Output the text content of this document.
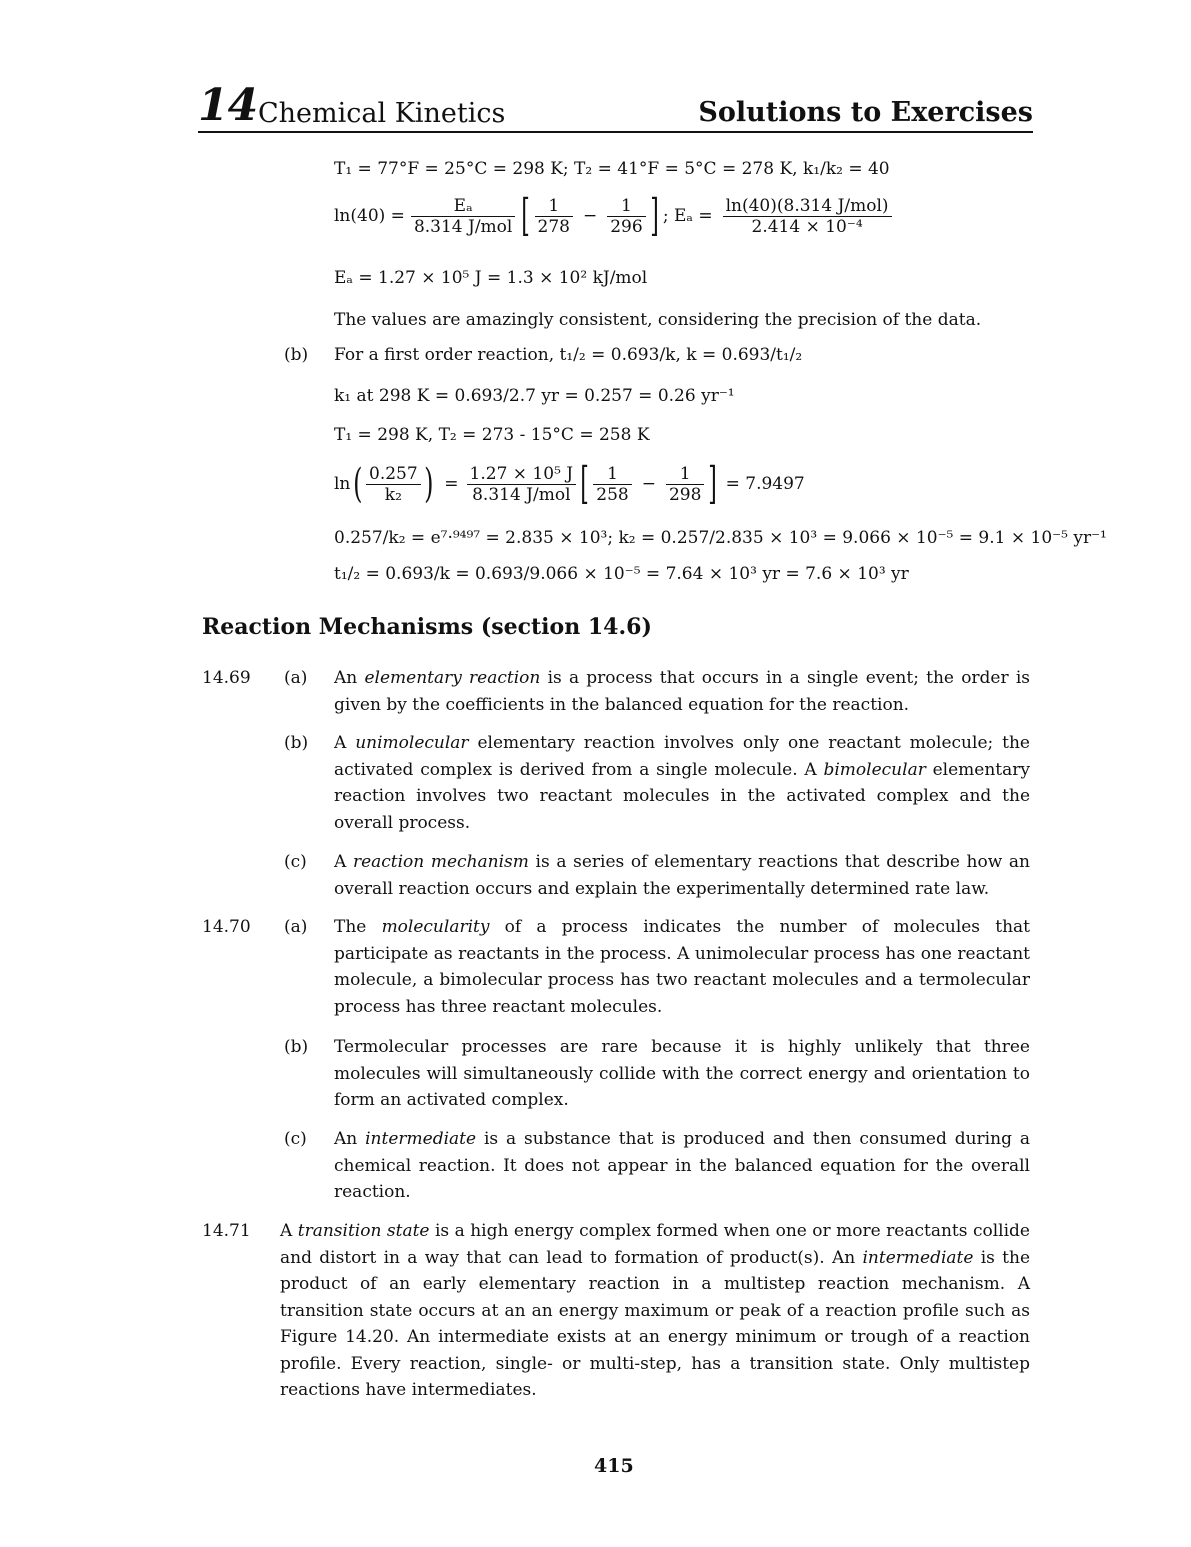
14 Chemical Kinetics	Solutions to Exercises
T₁ = 77°F = 25°C = 298 K; T₂ = 41°F = 5°C = 278 K, k₁/k₂ = 40
$\ln(40) = \frac{\text{Eₐ}}{\text{8.314 J/mol}}$ [ $\frac{1}{278} - \frac{1}{296}$ ] ; $E_a = \frac{\text{ln(40)(8.314 J/mol)}}{\text{2.414 × 10⁻⁴}}$
Eₐ = 1.27 × 10⁵ J = 1.3 × 10² kJ/mol
The values are amazingly consistent, considering the precision of the data.
(b) For a first order reaction, t₁/₂ = 0.693/k, k = 0.693/t₁/₂
k₁ at 298 K = 0.693/2.7 yr = 0.257 = 0.26 yr⁻¹
T₁ = 298 K, T₂ = 273 - 15°C = 258 K
ln ( $\frac{0.257}{\text{k₂}}$ ) = $\frac{\text{1.27 × 10⁵ J}}{\text{8.314 J/mol}}$ [ $\frac{1}{258} - \frac{1}{298}$ ] = 7.9497
0.257/k₂ = e⁷·⁹⁴⁹⁷ = 2.835 × 10³; k₂ = 0.257/2.835 × 10³ = 9.066 × 10⁻⁵ = 9.1 × 10⁻⁵ yr⁻¹
t₁/₂ = 0.693/k = 0.693/9.066 × 10⁻⁵ = 7.64 × 10³ yr = 7.6 × 10³ yr
Reaction Mechanisms (section 14.6)
14.69 (a) An elementary reaction is a process that occurs in a single event; the order is given by the coefficients in the balanced equation for the reaction.
(b) A unimolecular elementary reaction involves only one reactant molecule; the activated complex is derived from a single molecule. A bimolecular elementary reaction involves two reactant molecules in the activated complex and the overall process.
(c) A reaction mechanism is a series of elementary reactions that describe how an overall reaction occurs and explain the experimentally determined rate law.
14.70 (a) The molecularity of a process indicates the number of molecules that participate as reactants in the process. A unimolecular process has one reactant molecule, a bimolecular process has two reactant molecules and a termolecular process has three reactant molecules.
(b) Termolecular processes are rare because it is highly unlikely that three molecules will simultaneously collide with the correct energy and orientation to form an activated complex.
(c) An intermediate is a substance that is produced and then consumed during a chemical reaction. It does not appear in the balanced equation for the overall reaction.
14.71 A transition state is a high energy complex formed when one or more reactants collide and distort in a way that can lead to formation of product(s). An intermediate is the product of an early elementary reaction in a multistep reaction mechanism. A transition state occurs at an an energy maximum or peak of a reaction profile such as Figure 14.20. An intermediate exists at an energy minimum or trough of a reaction profile. Every reaction, single- or multi-step, has a transition state. Only multistep reactions have intermediates.
415
